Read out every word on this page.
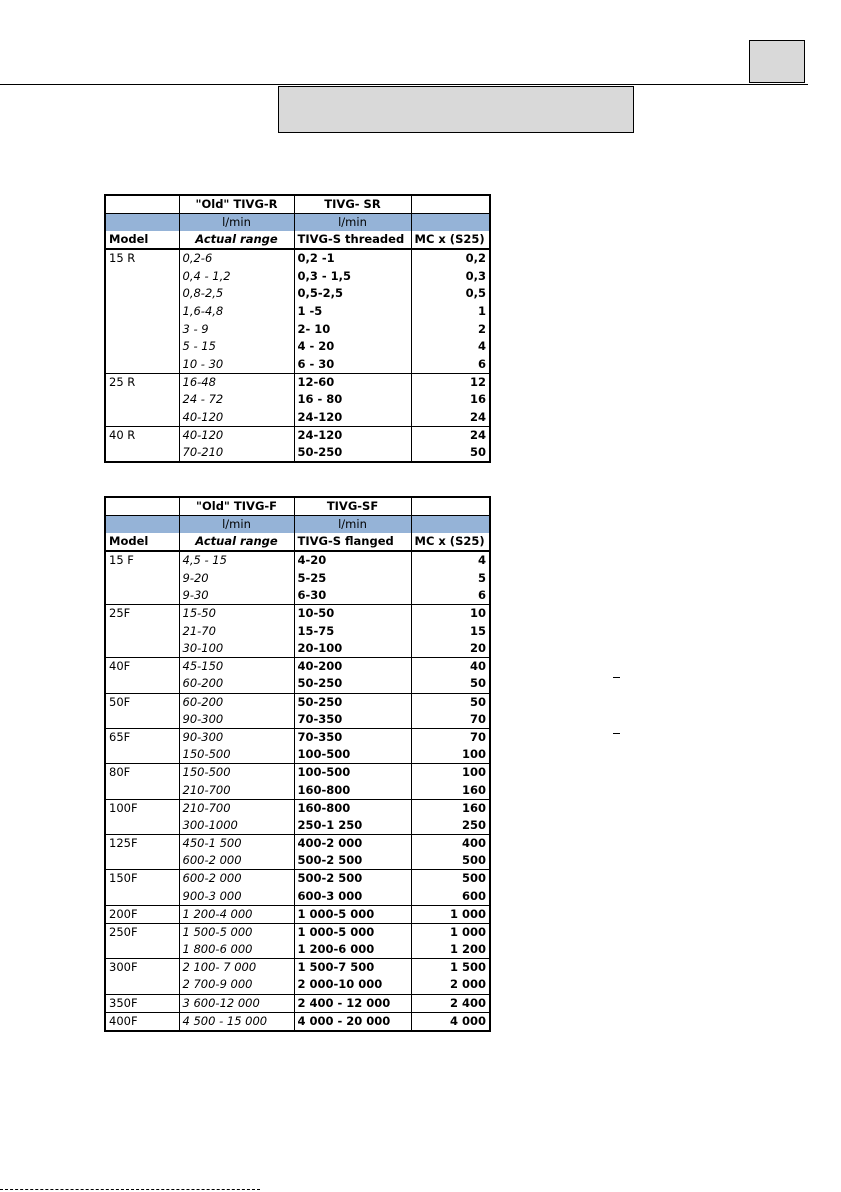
	"Old" TIVG-R	TIVG- SR	
	l/min	l/min	
Model	Actual range	TIVG-S threaded	MC x (S25)
15 R	0,2-6	0,2 -1	0,2
	0,4 - 1,2	0,3 - 1,5	0,3
	0,8-2,5	0,5-2,5	0,5
	1,6-4,8	1 -5	1
	3 - 9	2- 10	2
	5 - 15	4 - 20	4
	10 - 30	6 - 30	6
25 R	16-48	12-60	12
	24 - 72	16 - 80	16
	40-120	24-120	24
40 R	40-120	24-120	24
	70-210	50-250	50
	"Old" TIVG-F	TIVG-SF	
	l/min	l/min	
Model	Actual range	TIVG-S flanged	MC x (S25)
15 F	4,5 - 15	4-20	4
	9-20	5-25	5
	9-30	6-30	6
25F	15-50	10-50	10
	21-70	15-75	15
	30-100	20-100	20
40F	45-150	40-200	40
	60-200	50-250	50
50F	60-200	50-250	50
	90-300	70-350	70
65F	90-300	70-350	70
	150-500	100-500	100
80F	150-500	100-500	100
	210-700	160-800	160
100F	210-700	160-800	160
	300-1000	250-1 250	250
125F	450-1 500	400-2 000	400
	600-2 000	500-2 500	500
150F	600-2 000	500-2 500	500
	900-3 000	600-3 000	600
200F	1 200-4 000	1 000-5 000	1 000
250F	1 500-5 000	1 000-5 000	1 000
	1 800-6 000	1 200-6 000	1 200
300F	2 100- 7 000	1 500-7 500	1 500
	2 700-9 000	2 000-10 000	2 000
350F	3 600-12 000	2 400 - 12 000	2 400
400F	4 500 - 15 000	4 000 - 20 000	4 000
